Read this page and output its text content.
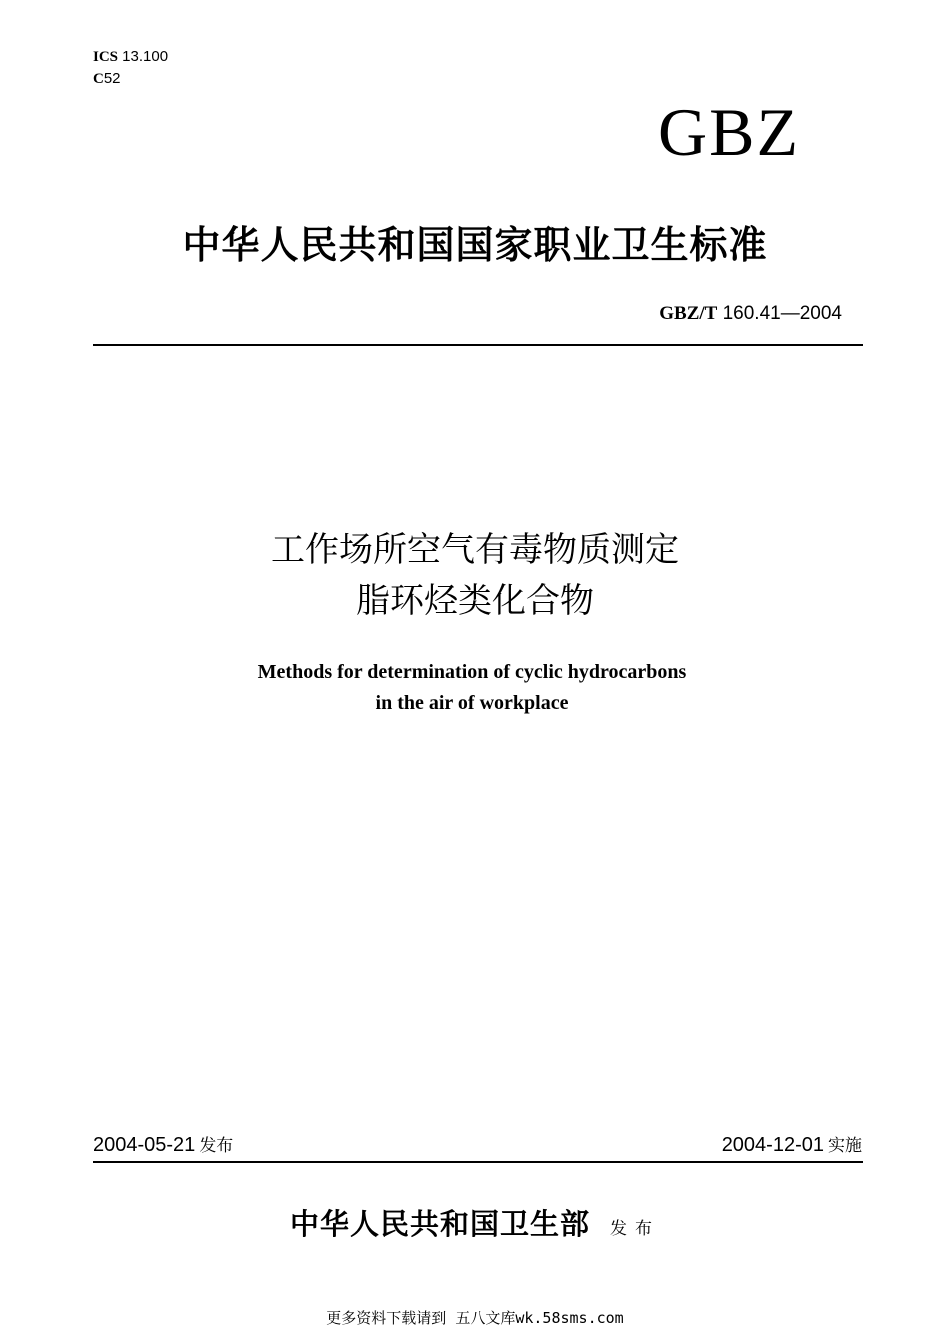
ICS 13.100
C52
GBZ
中华人民共和国国家职业卫生标准
GBZ/T 160.41—2004
工作场所空气有毒物质测定
脂环烃类化合物
Methods for determination of cyclic hydrocarbons
in the air of workplace
2004-05-21 发布	2004-12-01 实施
中华人民共和国卫生部 发布
更多资料下载请到 五八文库wk.58sms.com
